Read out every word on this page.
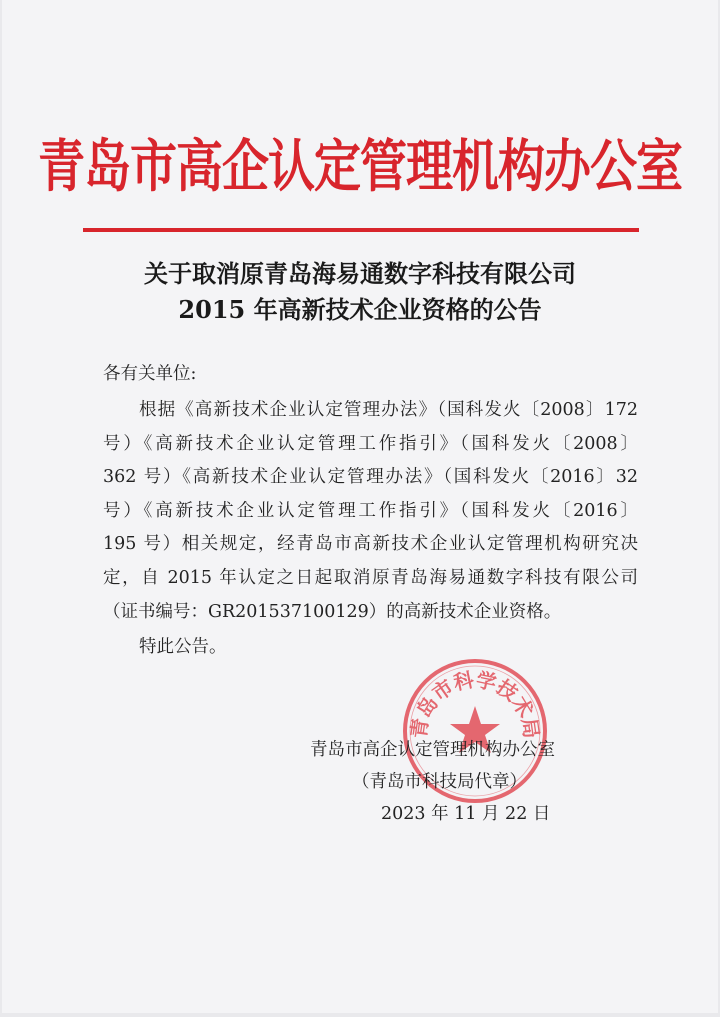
青岛市高企认定管理机构办公室
关于取消原青岛海易通数字科技有限公司
2015 年高新技术企业资格的公告
各有关单位:
根据《高新技术企业认定管理办法》（国科发火〔2008〕172
号）《高新技术企业认定管理工作指引》（国科发火〔2008〕
362 号）《高新技术企业认定管理办法》（国科发火〔2016〕32
号）《高新技术企业认定管理工作指引》（国科发火〔2016〕
195 号）相关规定，经青岛市高新技术企业认定管理机构研究决
定，自 2015 年认定之日起取消原青岛海易通数字科技有限公司
（证书编号：GR201537100129）的高新技术企业资格。
特此公告。
青岛市科学技术局
青岛市高企认定管理机构办公室
（青岛市科技局代章）
2023 年 11 月 22 日
